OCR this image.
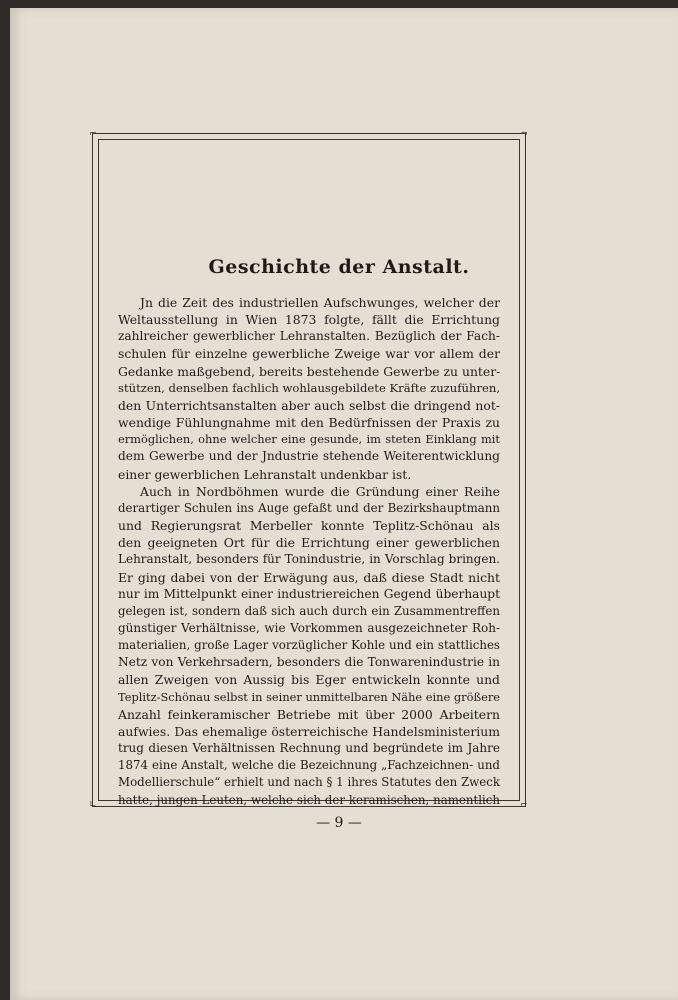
⌐	¬
∟	⌐
Geschichte der Anstalt.
Jn die Zeit des industriellen Aufschwunges, welcher der
Weltausstellung in Wien 1873 folgte, fällt die Errichtung
zahlreicher gewerblicher Lehranstalten. Bezüglich der Fach-
schulen für einzelne gewerbliche Zweige war vor allem der
Gedanke maßgebend, bereits bestehende Gewerbe zu unter-
stützen, denselben fachlich wohlausgebildete Kräfte zuzuführen,
den Unterrichtsanstalten aber auch selbst die dringend not-
wendige Fühlungnahme mit den Bedürfnissen der Praxis zu
ermöglichen, ohne welcher eine gesunde, im steten Einklang mit
dem Gewerbe und der Jndustrie stehende Weiterentwicklung
einer gewerblichen Lehranstalt undenkbar ist.
Auch in Nordböhmen wurde die Gründung einer Reihe
derartiger Schulen ins Auge gefaßt und der Bezirkshauptmann
und Regierungsrat Merbeller konnte Teplitz-Schönau als
den geeigneten Ort für die Errichtung einer gewerblichen
Lehranstalt, besonders für Tonindustrie, in Vorschlag bringen.
Er ging dabei von der Erwägung aus, daß diese Stadt nicht
nur im Mittelpunkt einer industriereichen Gegend überhaupt
gelegen ist, sondern daß sich auch durch ein Zusammentreffen
günstiger Verhältnisse, wie Vorkommen ausgezeichneter Roh-
materialien, große Lager vorzüglicher Kohle und ein stattliches
Netz von Verkehrsadern, besonders die Tonwarenindustrie in
allen Zweigen von Aussig bis Eger entwickeln konnte und
Teplitz-Schönau selbst in seiner unmittelbaren Nähe eine größere
Anzahl feinkeramischer Betriebe mit über 2000 Arbeitern
aufwies. Das ehemalige österreichische Handelsministerium
trug diesen Verhältnissen Rechnung und begründete im Jahre
1874 eine Anstalt, welche die Bezeichnung „Fachzeichnen- und
Modellierschule“ erhielt und nach § 1 ihres Statutes den Zweck
hatte, jungen Leuten, welche sich der keramischen, namentlich
— 9 —
